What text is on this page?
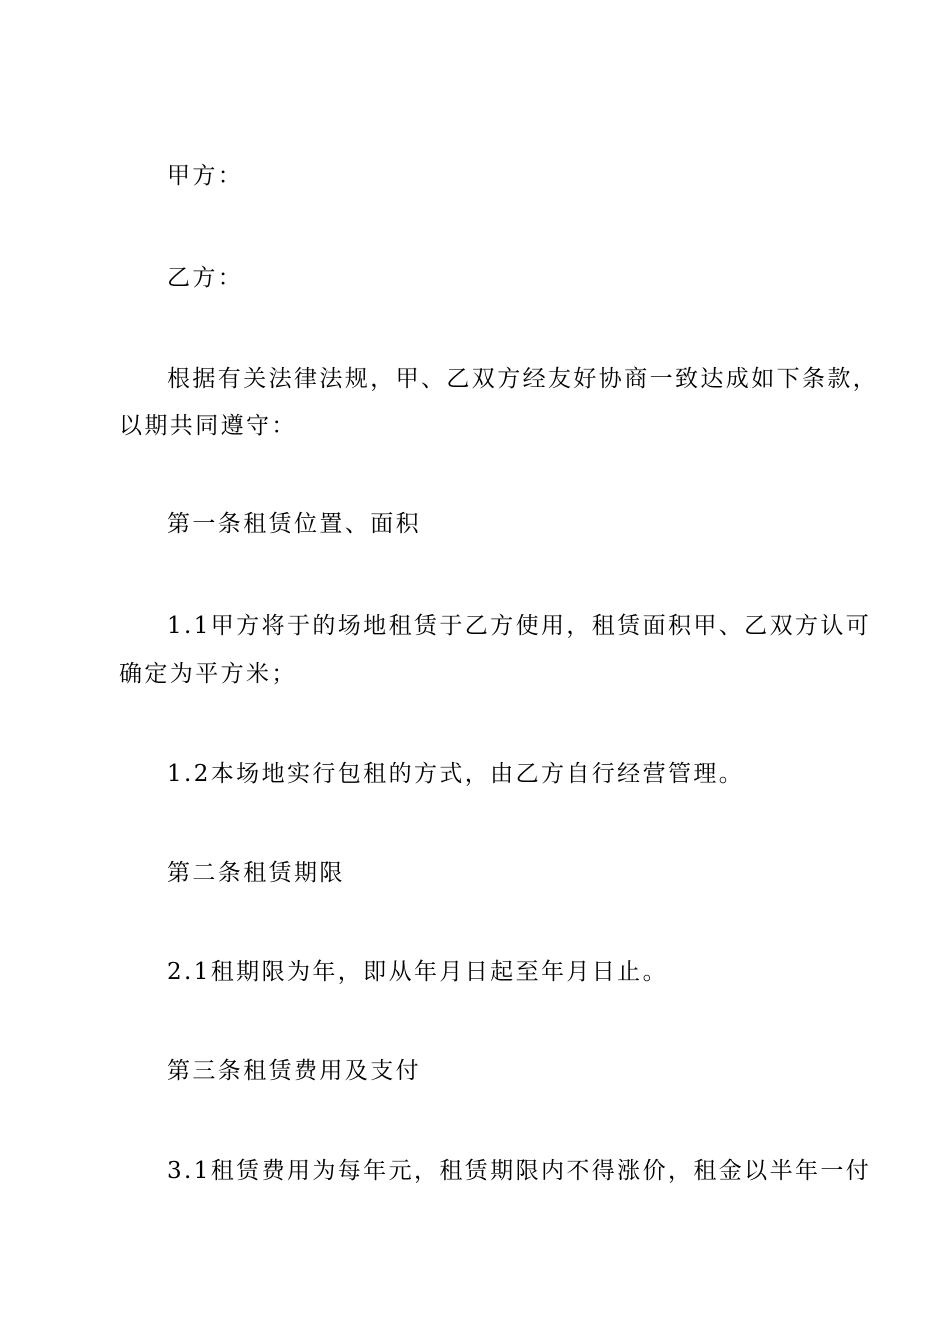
甲方：
乙方：
根据有关法律法规，甲、乙双方经友好协商一致达成如下条款，
以期共同遵守：
第一条租赁位置、面积
1.1甲方将于的场地租赁于乙方使用，租赁面积甲、乙双方认可
确定为平方米；
1.2本场地实行包租的方式，由乙方自行经营管理。
第二条租赁期限
2.1租期限为年，即从年月日起至年月日止。
第三条租赁费用及支付
3.1租赁费用为每年元，租赁期限内不得涨价，租金以半年一付
